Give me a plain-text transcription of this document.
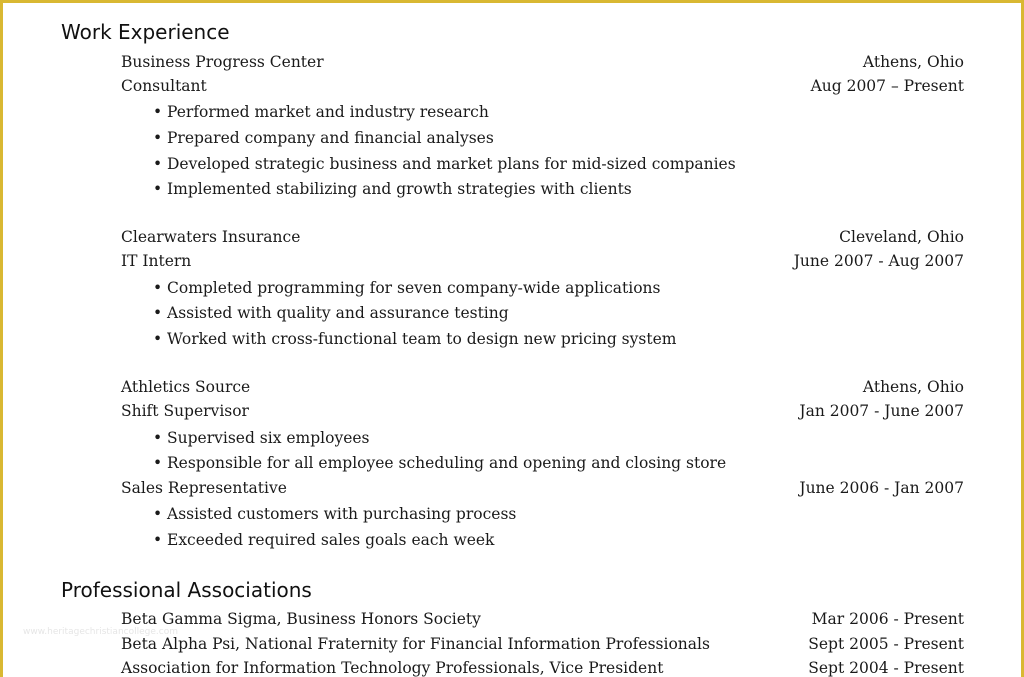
Work Experience
Business Progress Center	Athens, Ohio
Consultant	Aug 2007 – Present
• Performed market and industry research
• Prepared company and financial analyses
• Developed strategic business and market plans for mid-sized companies
• Implemented stabilizing and growth strategies with clients
Clearwaters Insurance	Cleveland, Ohio
IT Intern	June 2007 - Aug 2007
• Completed programming for seven company-wide applications
• Assisted with quality and assurance testing
• Worked with cross-functional team to design new pricing system
Athletics Source	Athens, Ohio
Shift Supervisor	Jan 2007 - June 2007
• Supervised six employees
• Responsible for all employee scheduling and opening and closing store
Sales Representative	June 2006 - Jan 2007
• Assisted customers with purchasing process
• Exceeded required sales goals each week
Professional Associations
Beta Gamma Sigma, Business Honors Society	Mar 2006 - Present
Beta Alpha Psi, National Fraternity for Financial Information Professionals	Sept 2005 - Present
Association for Information Technology Professionals, Vice President	Sept 2004 - Present
www.heritagechristiancollege.com
